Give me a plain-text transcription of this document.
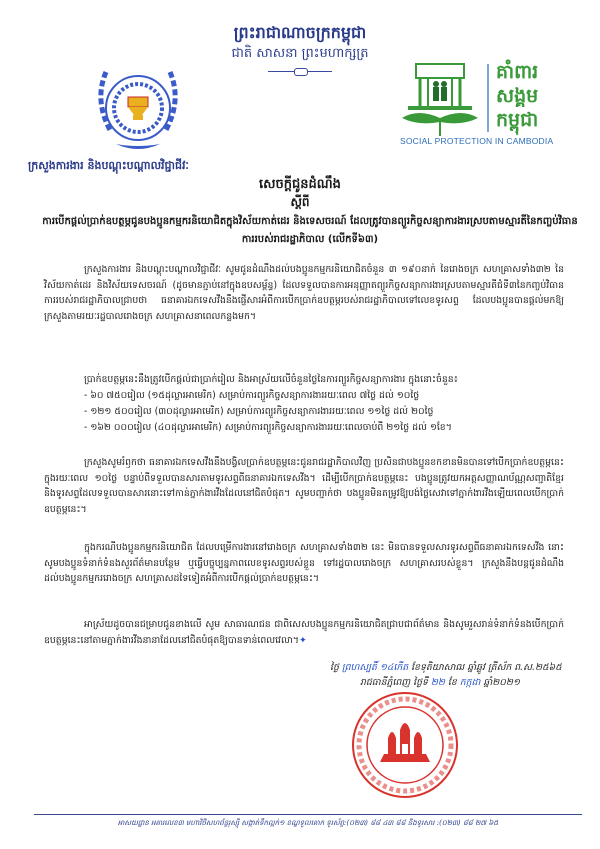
ព្រះរាជាណាចក្រកម្ពុជា
ជាតិ សាសនា ព្រះមហាក្សត្រ
គាំពារ
សង្គម
កម្ពុជា
SOCIAL PROTECTION IN CAMBODIA
ក្រសួងការងារ និងបណ្តុះបណ្តាលវិជ្ជាជីវៈ
សេចក្តីជូនដំណឹង
ស្តីពី
ការបើកផ្តល់ប្រាក់ឧបត្ថម្ភជូនបងប្អូនកម្មករនិយោជិតក្នុងវិស័យកាត់ដេរ និងទេសចរណ៍ ដែលត្រូវបានព្យួរកិច្ចសន្យាការងារស្របតាមស្មារតីនៃកញ្ចប់វិធានការរបស់រាជរដ្ឋាភិបាល (លើកទី៦៣)
ក្រសួងការងារ និងបណ្តុះបណ្តាលវិជ្ជាជីវៈ សូមជូនដំណឹងដល់បងប្អូនកម្មករនិយោជិតចំនួន ៣ ១៩០នាក់ នៃរោងចក្រ សហគ្រាសទាំង៣២ នៃវិស័យកាត់ដេរ និងវិស័យទេសចរណ៍ (ដូចមានភ្ជាប់នៅក្នុងឧបសម្ព័ន្ធ) ដែលទទួលបានការអនុញ្ញាតព្យួរកិច្ចសន្យាការងារស្របតាមស្មារតីជំទី៣នៃកញ្ចប់វិធានការរបស់រាជរដ្ឋាភិបាលជ្រាបថា ធនាគារឯកទេសវីងនឹងផ្ញើសារអំពីការបើកប្រាក់ឧបត្ថម្ភរបស់រាជរដ្ឋាភិបាលទៅលេខទូរសព្ទ ដែលបងប្អូនបានផ្តល់មកឱ្យក្រសួងតាមរយៈរដ្ឋបាលរោងចក្រ សហគ្រាសនាពេលកន្លងមក។
ប្រាក់ឧបត្ថម្ភនេះនឹងត្រូវបើកផ្តល់ជាប្រាក់រៀល និងអាស្រ័យលើចំនួនថ្ងៃនៃការព្យួរកិច្ចសន្យាការងារ ក្នុងនោះចំនួន៖
- ៦០ ៧៥០រៀល (១៥ដុល្លារអាមេរិក) សម្រាប់ការព្យួរកិច្ចសន្យាការងាររយៈពេល ៧ថ្ងៃ ដល់ ១០ថ្ងៃ
- ១២១ ៥០០រៀល (៣០ដុល្លារអាមេរិក) សម្រាប់ការព្យួរកិច្ចសន្យាការងាររយៈពេល ១១ថ្ងៃ ដល់ ២០ថ្ងៃ
- ១៦២ ០០០រៀល (៤០ដុល្លារអាមេរិក) សម្រាប់ការព្យួរកិច្ចសន្យាការងាររយៈពេលចាប់ពី ២១ថ្ងៃ ដល់ ១ខែ។
ក្រសួងសូមរំឭកថា ធនាគារឯកទេសវីងនឹងបង្វិលប្រាក់ឧបត្ថម្ភនេះជូនរាជរដ្ឋាភិបាលវិញ ប្រសិនជាបងប្អូនខកខានមិនបានទៅបើកប្រាក់ឧបត្ថម្ភនេះ ក្នុងរយៈពេល ១០ថ្ងៃ បន្ទាប់ពីទទួលបានសារតាមទូរសព្ទពីធនាគារឯកទេសវីង។ ដើម្បីបើកប្រាក់ឧបត្ថម្ភនេះ បងប្អូនត្រូវយកអត្តសញ្ញាណប័ណ្ណសញ្ជាតិខ្មែរ និងទូរសព្ទដែលទទួលបានសារនោះទៅកាន់ភ្នាក់ងារវីងដែលនៅជិតបំផុត។ សូមបញ្ជាក់ថា បងប្អូនមិនតម្រូវឱ្យបង់ថ្លៃសេវាទៅភ្នាក់ងារវីងឡើយពេលបើកប្រាក់ឧបត្ថម្ភនេះ។
ក្នុងករណីបងប្អូនកម្មករនិយោជិត ដែលបម្រើការងារនៅរោងចក្រ សហគ្រាសទាំង៣២ នេះ មិនបានទទួលសារទូរសព្ទពីធនាគារឯកទេសវីង នោះសូមបងប្អូនទំនាក់ទំនងសួរព័ត៌មានបន្ថែម ឬធ្វើបច្ចុប្បន្នភាពលេខទូរសព្ទរបស់ខ្លួន ទៅរដ្ឋបាលរោងចក្រ សហគ្រាសរបស់ខ្លួន។ ក្រសួងនឹងបន្តជូនដំណឹងដល់បងប្អូនកម្មកររោងចក្រ សហគ្រាសដទៃទៀតអំពីការបើកផ្តល់ប្រាក់ឧបត្ថម្ភនេះ។
អាស្រ័យដូចបានជម្រាបជូនខាងលើ សូម សាធារណជន ជាពិសេសបងប្អូនកម្មករនិយោជិតជ្រាបជាព័ត៌មាន និងសូមរួសរាន់ទំនាក់ទំនងបើកប្រាក់ឧបត្ថម្ភនេះនៅតាមភ្នាក់ងារវីងនានាដែលនៅជិតបំផុតឱ្យបានទាន់ពេលវេលា។✦
ថ្ងៃ ព្រហស្បតិ៍ ១៤កើត ខែទុតិយាសាឍ ឆ្នាំឆ្លូវ ត្រីស័ក ព.ស.២៥៦៥
រាជធានីភ្នំពេញ ថ្ងៃទី ២២ ខែ កក្កដា ឆ្នាំ២០២១
អាសយដ្ឋាន អគារលេខ៣ មហាវិថីសហព័ន្ធរុស្ស៊ី សង្កាត់ទឹកល្អក់១ ខណ្ឌទួលគោក ទូរស័ព្ទ:(០២៣) ៨៨ ៤៣ ៨៨ និងទូរសារ :(០២៣) ៨៨ ២៧ ៦៥
